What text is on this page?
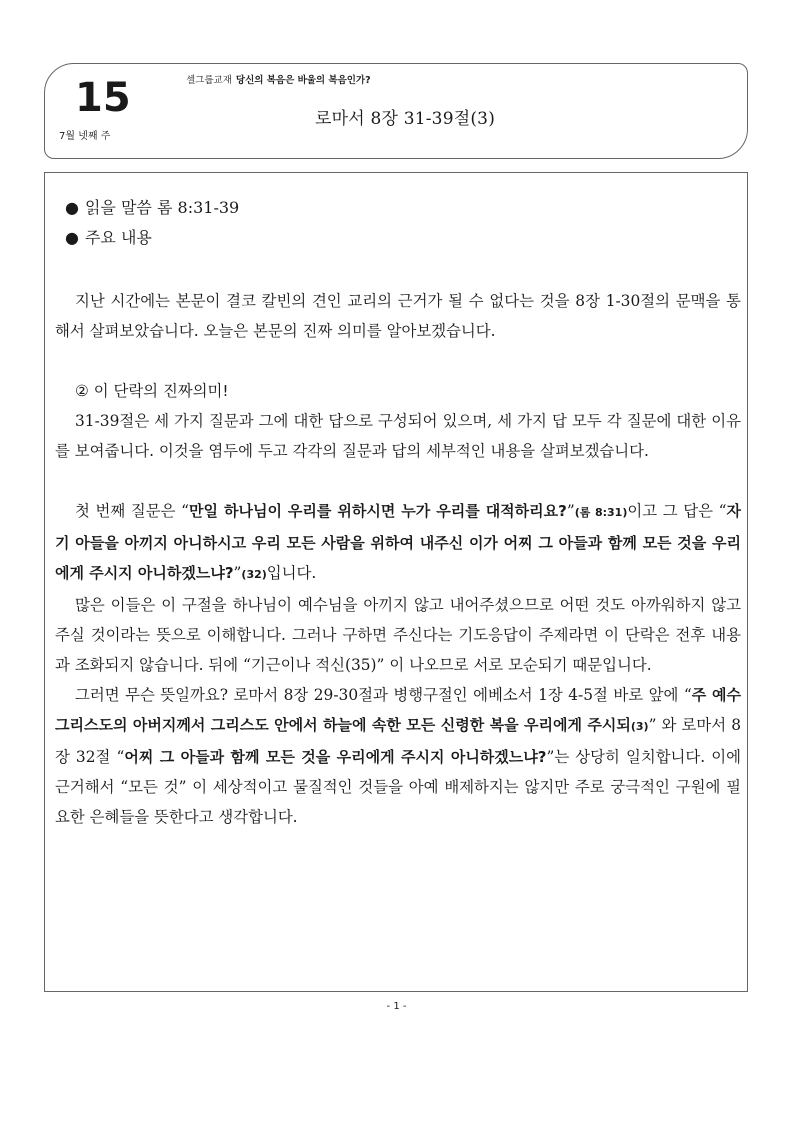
15
7월 넷째 주
셀그룹교재 당신의 복음은 바울의 복음인가?
로마서 8장 31-39절(3)
● 읽을 말씀 롬 8:31-39
● 주요 내용

지난 시간에는 본문이 결코 칼빈의 견인 교리의 근거가 될 수 없다는 것을 8장 1-30절의 문맥을 통해서 살펴보았습니다. 오늘은 본문의 진짜 의미를 알아보겠습니다.

② 이 단락의 진짜의미!

31-39절은 세 가지 질문과 그에 대한 답으로 구성되어 있으며, 세 가지 답 모두 각 질문에 대한 이유를 보여줍니다. 이것을 염두에 두고 각각의 질문과 답의 세부적인 내용을 살펴보겠습니다.

첫 번째 질문은 “만일 하나님이 우리를 위하시면 누가 우리를 대적하리요?”(롬 8:31)이고 그 답은 “자기 아들을 아끼지 아니하시고 우리 모든 사람을 위하여 내주신 이가 어찌 그 아들과 함께 모든 것을 우리에게 주시지 아니하겠느냐?”(32)입니다.

많은 이들은 이 구절을 하나님이 예수님을 아끼지 않고 내어주셨으므로 어떤 것도 아까워하지 않고 주실 것이라는 뜻으로 이해합니다. 그러나 구하면 주신다는 기도응답이 주제라면 이 단락은 전후 내용과 조화되지 않습니다. 뒤에 “기근이나 적신(35)” 이 나오므로 서로 모순되기 때문입니다.

그러면 무슨 뜻일까요? 로마서 8장 29-30절과 병행구절인 에베소서 1장 4-5절 바로 앞에 “주 예수 그리스도의 아버지께서 그리스도 안에서 하늘에 속한 모든 신령한 복을 우리에게 주시되(3)” 와 로마서 8장 32절 “어찌 그 아들과 함께 모든 것을 우리에게 주시지 아니하겠느냐?”는 상당히 일치합니다. 이에 근거해서 “모든 것” 이 세상적이고 물질적인 것들을 아예 배제하지는 않지만 주로 궁극적인 구원에 필요한 은혜들을 뜻한다고 생각합니다.

- 1 -
